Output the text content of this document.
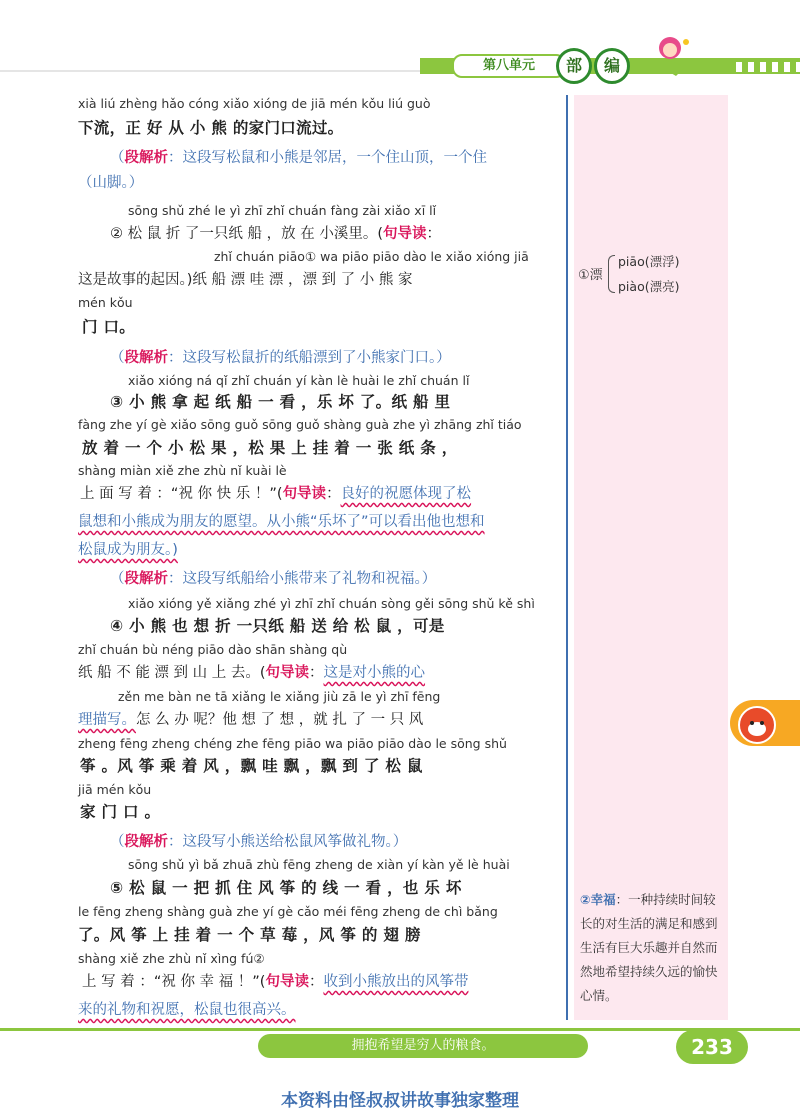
第八单元	部	编
①漂
piāo(漂浮)
piào(漂亮)
②幸福：一种持续时间较长的对生活的满足和感到生活有巨大乐趣并自然而然地希望持续久远的愉快心情。
xià liú zhèng hǎo cóng xiǎo xióng de jiā mén kǒu liú guò
下流，正 好 从 小 熊 的家门口流过。
（段解析：这段写松鼠和小熊是邻居，一个住山顶，一个住
（山脚。）
sōng shǔ zhé le yì zhī zhǐ chuán fàng zài xiǎo xī lǐ
② 松 鼠 折 了一只纸 船 ，放 在 小溪里。(句导读：
zhǐ chuán piāo① wa piāo piāo dào le xiǎo xióng jiā
这是故事的起因。)纸 船 漂 哇 漂 ，漂 到 了 小 熊 家
mén kǒu
门 口。
（段解析：这段写松鼠折的纸船漂到了小熊家门口。）
xiǎo xióng ná qǐ zhǐ chuán yí kàn lè huài le zhǐ chuán lǐ
③ 小 熊 拿 起 纸 船 一 看 ，乐 坏 了。纸 船 里
fàng zhe yí gè xiǎo sōng guǒ sōng guǒ shàng guà zhe yì zhāng zhǐ tiáo
放 着 一 个 小 松 果 ，松 果 上 挂 着 一 张 纸 条 ，
shàng miàn xiě zhe zhù nǐ kuài lè
上 面 写 着 ：“祝 你 快 乐 ！”(句导读：良好的祝愿体现了松
鼠想和小熊成为朋友的愿望。从小熊“乐坏了”可以看出他也想和
松鼠成为朋友。)
（段解析：这段写纸船给小熊带来了礼物和祝福。）
xiǎo xióng yě xiǎng zhé yì zhī zhǐ chuán sòng gěi sōng shǔ kě shì
④ 小 熊 也 想 折 一只纸 船 送 给 松 鼠 ，可是
zhǐ chuán bù néng piāo dào shān shàng qù
纸 船 不 能 漂 到 山 上 去。(句导读：这是对小熊的心
zěn me bàn ne tā xiǎng le xiǎng jiù zā le yì zhī fēng
理描写。怎 么 办 呢？他 想 了 想 ，就 扎 了 一 只 风
zheng fēng zheng chéng zhe fēng piāo wa piāo piāo dào le sōng shǔ
筝 。风 筝 乘 着 风 ，飘 哇 飘 ，飘 到 了 松 鼠
jiā mén kǒu
家 门 口 。
（段解析：这段写小熊送给松鼠风筝做礼物。）
sōng shǔ yì bǎ zhuā zhù fēng zheng de xiàn yí kàn yě lè huài
⑤ 松 鼠 一 把 抓 住 风 筝 的 线 一 看 ，也 乐 坏
le fēng zheng shàng guà zhe yí gè cǎo méi fēng zheng de chì bǎng
了。风 筝 上 挂 着 一 个 草 莓 ，风 筝 的 翅 膀
shàng xiě zhe zhù nǐ xìng fú②
上 写 着 ：“祝 你 幸 福 ！”(句导读：收到小熊放出的风筝带
来的礼物和祝愿，松鼠也很高兴。
拥抱希望是穷人的粮食。	233
本资料由怪叔叔讲故事独家整理
